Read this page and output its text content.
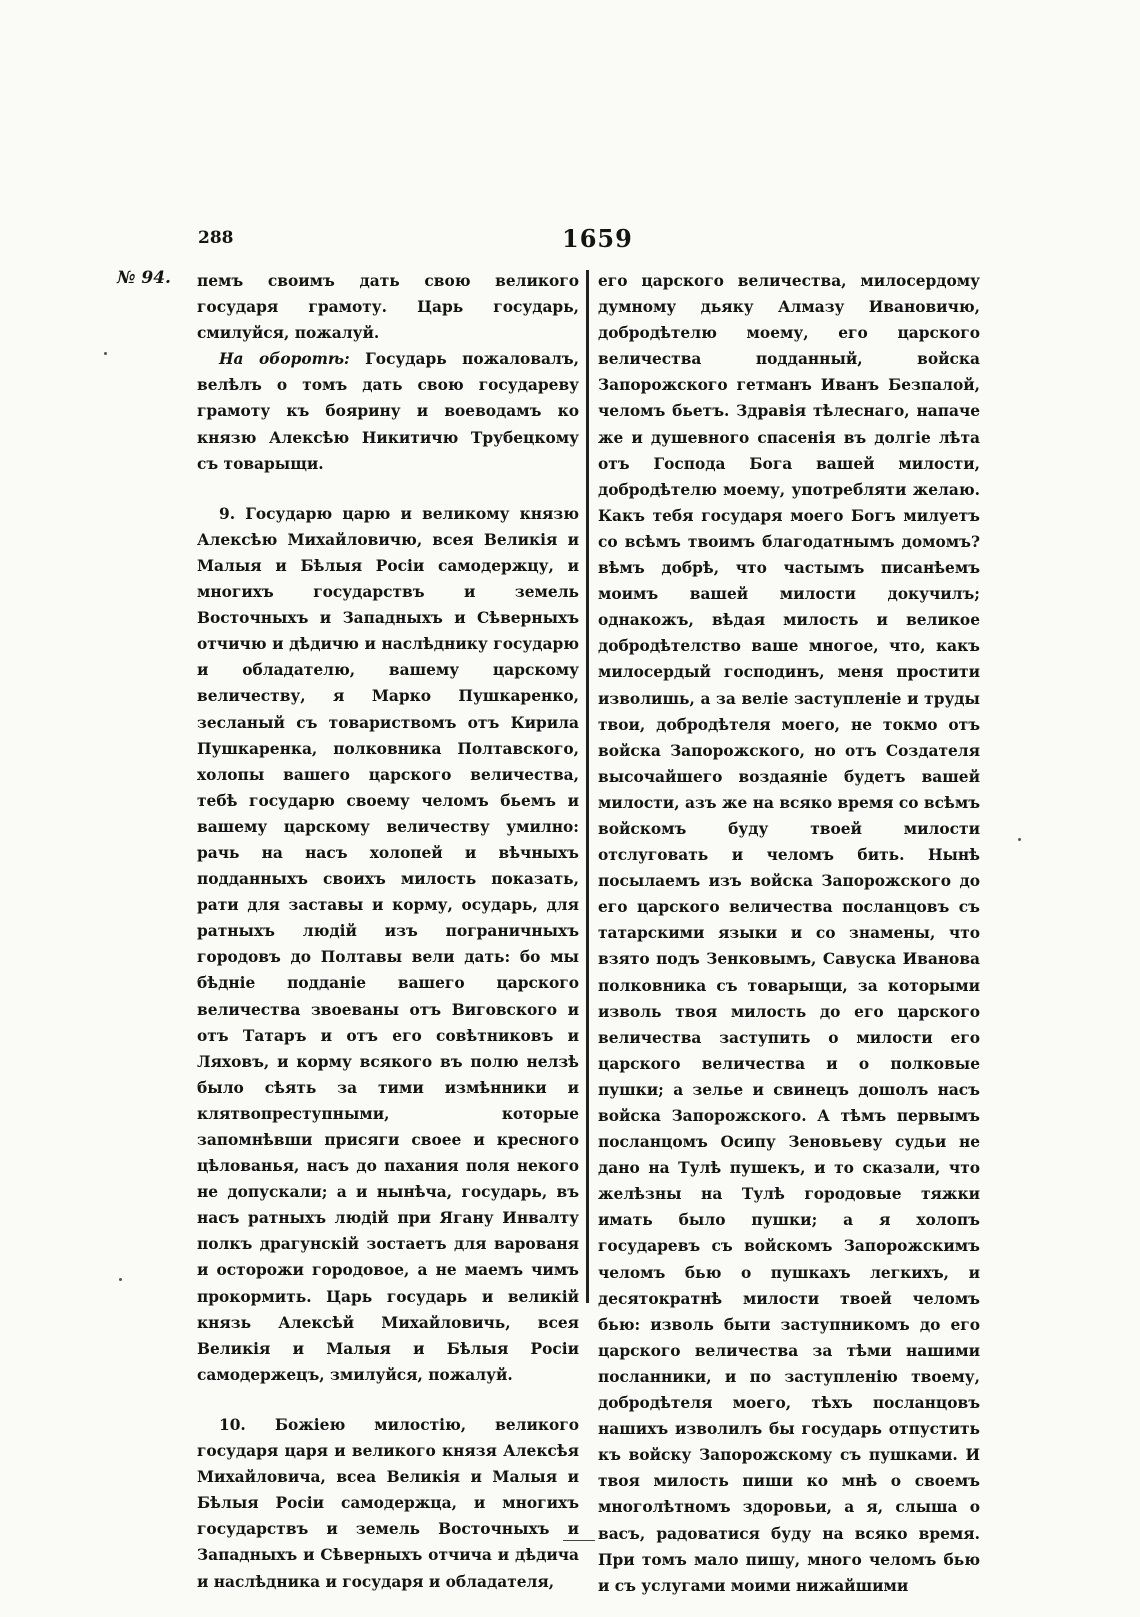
288	1659
№ 94. пемъ своимъ дать свою великого государя грамоту. Царь государь, смилуйся, пожалуй.

На оборотѣ: Государь пожаловалъ, велѣлъ о томъ дать свою государеву грамоту къ боярину и воеводамъ ко князю Алексѣю Никитичю Трубецкому съ товарыщи.

9. Государю царю и великому князю Алексѣю Михайловичю, всея Великія и Малыя и Бѣлыя Росіи самодержцу, и многихъ государствъ и земель Восточныхъ и Западныхъ и Сѣверныхъ отчичю и дѣдичю и наслѣднику государю и обладателю, вашему царскому величеству, я Марко Пушкаренко, зесланый съ товариствомъ отъ Кирила Пушкаренка, полковника Полтавского, холопы вашего царского величества, тебѣ государю своему челомъ бьемъ и вашему царскому величеству умилно: рачь на насъ холопей и вѣчныхъ подданныхъ своихъ милость показать, рати для заставы и корму, осударь, для ратныхъ людій изъ пограничныхъ городовъ до Полтавы вели дать: бо мы бѣдніе подданіе вашего царского величества звоеваны отъ Виговского и отъ Татаръ и отъ его совѣтниковъ и Ляховъ, и корму всякого въ полю нелзѣ было сѣять за тими измѣнники и клятвопреступными, которые запомнѣвши присяги своее и кресного цѣлованья, насъ до пахания поля некого не допускали; а и нынѣча, государь, въ насъ ратныхъ людій при Ягану Инвалту полкъ драгунскій зостаетъ для варованя и осторожи городовое, а не маемъ чимъ прокормить. Царь государь и великій князь Алексѣй Михайловичь, всея Великія и Малыя и Бѣлыя Росіи самодержецъ, змилуйся, пожалуй.

10. Божіею милостію, великого государя царя и великого князя Алексѣя Михайловича, всеа Великія и Малыя и Бѣлыя Росіи самодержца, и многихъ государствъ и земель Восточныхъ и Западныхъ и Сѣверныхъ отчича и дѣдича и наслѣдника и государя и обладателя,

его царского величества, милосердому думному дьяку Алмазу Ивановичю, добродѣтелю моему, его царского величества подданный, войска Запорожского гетманъ Иванъ Безпалой, челомъ бьетъ. Здравія тѣлеснаго, напаче же и душевного спасенія въ долгіе лѣта отъ Господа Бога вашей милости, добродѣтелю моему, употребляти желаю. Какъ тебя государя моего Богъ милуетъ со всѣмъ твоимъ благодатнымъ домомъ? вѣмъ добрѣ, что частымъ писанѣемъ моимъ вашей милости докучилъ; однакожъ, вѣдая милость и великое добродѣтелство ваше многое, что, какъ милосердый господинъ, меня простити изволишь, а за веліе заступленіе и труды твои, добродѣтеля моего, не токмо отъ войска Запорожского, но отъ Создателя высочайшего воздаяніе будетъ вашей милости, азъ же на всяко время со всѣмъ войскомъ буду твоей милости отслуговать и челомъ бить. Нынѣ посылаемъ изъ войска Запорожского до его царского величества посланцовъ съ татарскими языки и со знамены, что взято подъ Зенковымъ, Савуска Иванова полковника съ товарыщи, за которыми изволь твоя милость до его царского величества заступить о милости его царского величества и о полковые пушки; а зелье и свинецъ дошолъ насъ войска Запорожского. А тѣмъ первымъ посланцомъ Осипу Зеновьеву судьи не дано на Тулѣ пушекъ, и то сказали, что желѣзны на Тулѣ городовые тяжки имать было пушки; а я холопъ государевъ съ войскомъ Запорожскимъ челомъ бью о пушкахъ легкихъ, и десятократнѣ милости твоей челомъ бью: изволь быти заступникомъ до его царского величества за тѣми нашими посланники, и по заступленію твоему, добродѣтеля моего, тѣхъ посланцовъ нашихъ изволилъ бы государь отпустить къ войску Запорожскому съ пушками. И твоя милость пиши ко мнѣ о своемъ многолѣтномъ здоровьи, а я, слыша о васъ, радоватися буду на всяко время. При томъ мало пишу, много челомъ бью и съ услугами моими нижайшими
